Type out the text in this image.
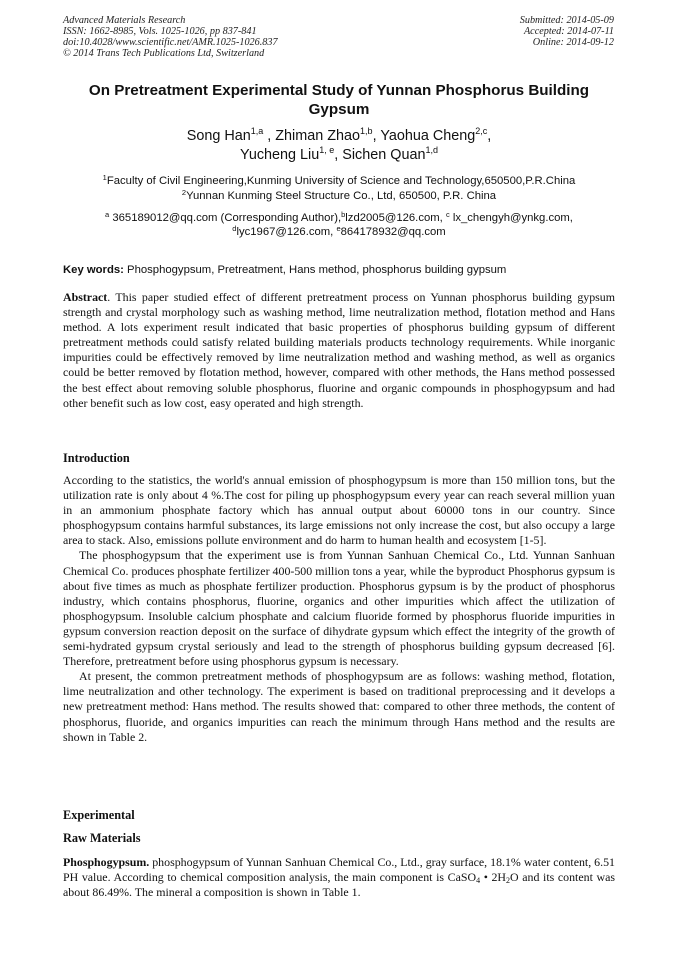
Advanced Materials Research
ISSN: 1662-8985, Vols. 1025-1026, pp 837-841
doi:10.4028/www.scientific.net/AMR.1025-1026.837
© 2014 Trans Tech Publications Ltd, Switzerland
Submitted: 2014-05-09
Accepted: 2014-07-11
Online: 2014-09-12
On Pretreatment Experimental Study of Yunnan Phosphorus Building Gypsum
Song Han$^{1,a}$ , Zhiman Zhao$^{1,b}$, Yaohua Cheng$^{2,c}$,
Yucheng Liu$^{1, e}$, Sichen Quan$^{1,d}$
$^1$Faculty of Civil Engineering,Kunming University of Science and Technology,650500,P.R.China
$^2$Yunnan Kunming Steel Structure Co., Ltd, 650500, P.R. China
$^a$ 365189012@qq.com (Corresponding Author),$^b$lzd2005@126.com, $^c$ lx_chengyh@ynkg.com,
$^d$lyc1967@126.com, $^e$864178932@qq.com
Key words: Phosphogypsum, Pretreatment, Hans method, phosphorus building gypsum
Abstract. This paper studied effect of different pretreatment process on Yunnan phosphorus building gypsum strength and crystal morphology such as washing method, lime neutralization method, flotation method and Hans method. A lots experiment result indicated that basic properties of phosphorus building gypsum of different pretreatment methods could satisfy related building materials products technology requirements. While inorganic impurities could be effectively removed by lime neutralization method and washing method, as well as organics could be better removed by flotation method, however, compared with other methods, the Hans method possessed the best effect about removing soluble phosphorus, fluorine and organic compounds in phosphogypsum and had other benefit such as low cost, easy operated and high strength.
Introduction

According to the statistics, the world's annual emission of phosphogypsum is more than 150 million tons, but the utilization rate is only about 4 %.The cost for piling up phosphogypsum every year can reach several million yuan in an ammonium phosphate factory which has annual output about 60000 tons in our country. Since phosphogypsum contains harmful substances, its large emissions not only increase the cost, but also occupy a large area to stack. Also, emissions pollute environment and do harm to human health and ecosystem [1-5].

The phosphogypsum that the experiment use is from Yunnan Sanhuan Chemical Co., Ltd. Yunnan Sanhuan Chemical Co. produces phosphate fertilizer 400-500 million tons a year, while the byproduct Phosphorus gypsum is about five times as much as phosphate fertilizer production. Phosphorus gypsum is by the product of phosphorus industry, which contains phosphorus, fluorine, organics and other impurities which affect the utilization of phosphogypsum. Insoluble calcium phosphate and calcium fluoride formed by phosphorus fluoride impurities in gypsum conversion reaction deposit on the surface of dihydrate gypsum which effect the integrity of the growth of semi-hydrated gypsum crystal seriously and lead to the strength of phosphorus building gypsum decreased [6]. Therefore, pretreatment before using phosphorus gypsum is necessary.

At present, the common pretreatment methods of phosphogypsum are as follows: washing method, flotation, lime neutralization and other technology. The experiment is based on traditional preprocessing and it develops a new pretreatment method: Hans method. The results showed that: compared to other three methods, the content of phosphorus, fluoride, and organics impurities can reach the minimum through Hans method and the results are shown in Table 2.

Experimental
Raw Materials
Phosphogypsum. phosphogypsum of Yunnan Sanhuan Chemical Co., Ltd., gray surface, 18.1% water content, 6.51 PH value. According to chemical composition analysis, the main component is CaSO$_4$ • $2H_2O$ and its content was about 86.49%. The mineral a composition is shown in Table 1.
